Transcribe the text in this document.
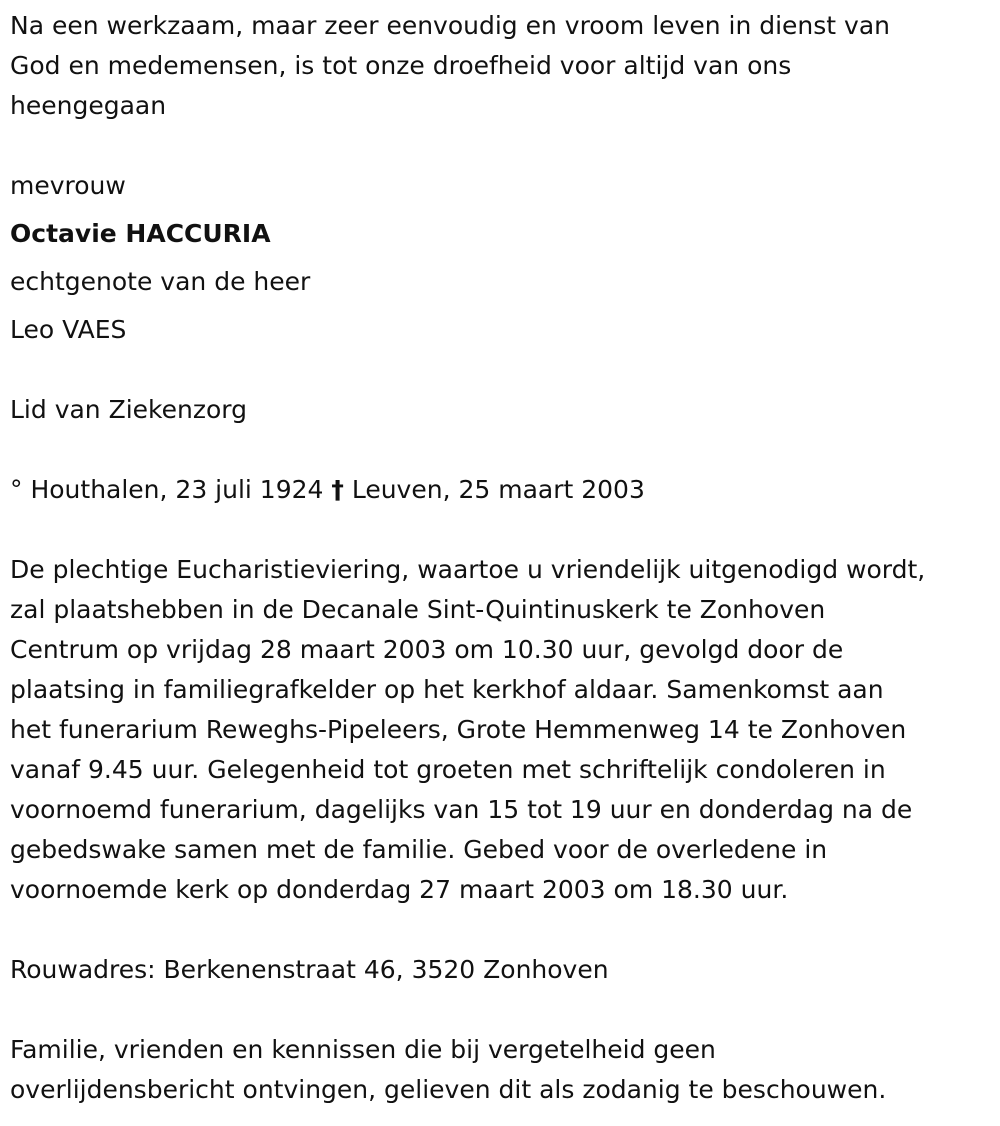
Na een werkzaam, maar zeer eenvoudig en vroom leven in dienst van
God en medemensen, is tot onze droefheid voor altijd van ons
heengegaan
mevrouw
Octavie HACCURIA
echtgenote van de heer
Leo VAES
Lid van Ziekenzorg
° Houthalen, 23 juli 1924 † Leuven, 25 maart 2003
De plechtige Eucharistieviering, waartoe u vriendelijk uitgenodigd wordt,
zal plaatshebben in de Decanale Sint-Quintinuskerk te Zonhoven
Centrum op vrijdag 28 maart 2003 om 10.30 uur, gevolgd door de
plaatsing in familiegrafkelder op het kerkhof aldaar. Samenkomst aan
het funerarium Reweghs-Pipeleers, Grote Hemmenweg 14 te Zonhoven
vanaf 9.45 uur. Gelegenheid tot groeten met schriftelijk condoleren in
voornoemd funerarium, dagelijks van 15 tot 19 uur en donderdag na de
gebedswake samen met de familie. Gebed voor de overledene in
voornoemde kerk op donderdag 27 maart 2003 om 18.30 uur.
Rouwadres: Berkenenstraat 46, 3520 Zonhoven
Familie, vrienden en kennissen die bij vergetelheid geen
overlijdensbericht ontvingen, gelieven dit als zodanig te beschouwen.
